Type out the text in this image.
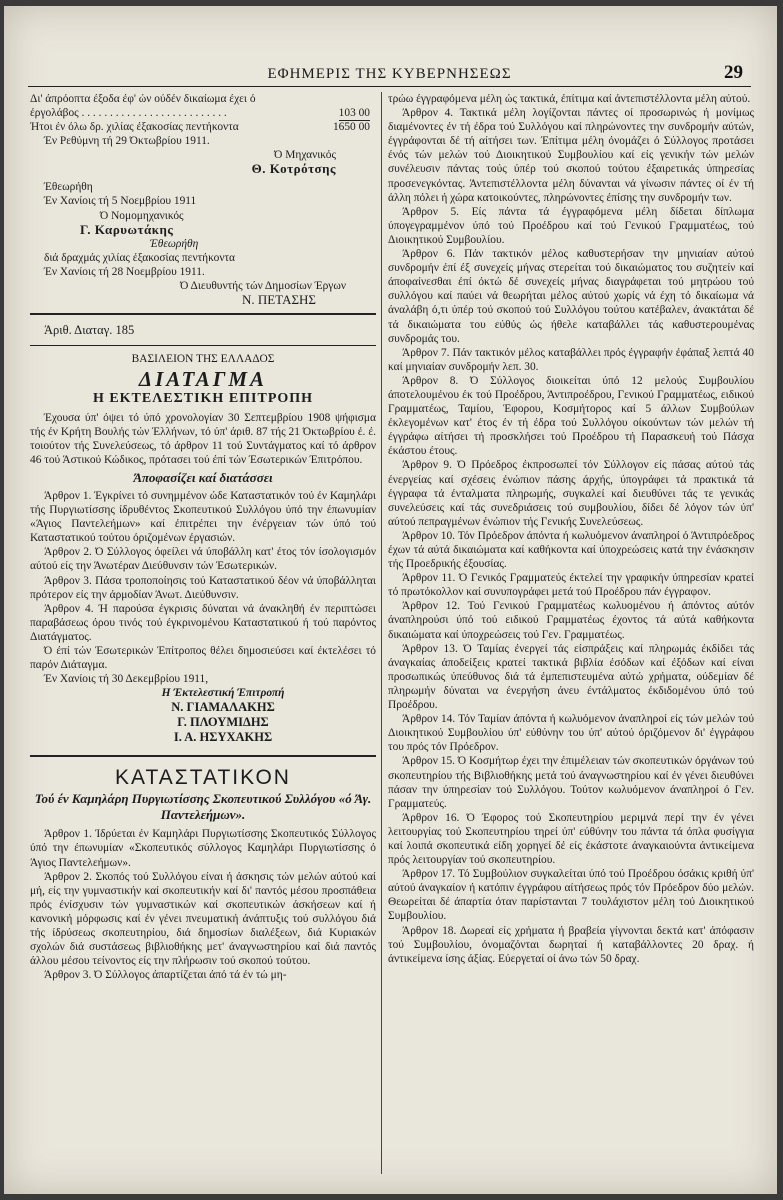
ΕΦΗΜΕΡΙΣ ΤΗΣ ΚΥΒΕΡΝΗΣΕΩΣ	29

Δι' άπρόοπτα έξοδα έφ' ών ούδέν δικαίωμα έχει ό

έργολάβος . . . . . . . . . . . . . . . . . . . . . . . . . .	103 00
Ήτοι έν όλω δρ. χιλίας έξακοσίας πεντήκοντα	1650 00

Έν Ρεθύμνη τή 29 Όκτωβρίου 1911.

Ό Μηχανικός

Θ. Κοτρότσης

Έθεωρήθη

Έν Χανίοις τή 5 Νοεμβρίου 1911

Ό Νομομηχανικός

Γ. Καρυωτάκης

Έθεωρήθη

διά δραχμάς χιλίας έξακοσίας πεντήκοντα

Έν Χανίοις τή 28 Νοεμβρίου 1911.

Ό Διευθυντής τών Δημοσίων Έργων

Ν. ΠΕΤΑΣΗΣ

Άριθ. Διαταγ. 185

ΒΑΣΙΛΕΙΟΝ ΤΗΣ ΕΛΛΑΔΟΣ

ΔΙΑΤΑΓΜΑ

Η ΕΚΤΕΛΕΣΤΙΚΗ ΕΠΙΤΡΟΠΗ

Έχουσα ύπ' όψει τό ύπό χρονολογίαν 30 Σεπτεμβρίου 1908 ψήφισμα τής έν Κρήτη Βουλής τών Έλλήνων, τό ύπ' άριθ. 87 τής 21 Όκτωβρίου έ. έ. τοιούτον τής Συνελεύσεως, τό άρθρον 11 τού Συντάγματος καί τό άρθρον 46 τού Άστικού Κώδικος, πρότασει τού έπί τών Έσωτερικών Έπιτρόπου.

Άποφασίζει καί διατάσσει

Άρθρον 1. Έγκρίνει τό συνημμένον ώδε Καταστατικόν τού έν Καμηλάρι τής Πυργιωτίσσης ίδρυθέντος Σκοπευτικού Συλλόγου ύπό την έπωνυμίαν «Άγιος Παντελεήμων» καί έπιτρέπει την ένέργειαν τών ύπό τού Καταστατικού τούτου όριζομένων έργασιών.

Άρθρον 2. Ό Σύλλογος όφείλει νά ύποβάλλη κατ' έτος τόν ίσολογισμόν αύτού είς την Άνωτέραν Διεύθυνσιν τών Έσωτερικών.

Άρθρον 3. Πάσα τροποποίησις τού Καταστατικού δέον νά ύποβάλληται πρότερον είς την άρμοδίαν Άνωτ. Διεύθυνσιν.

Άρθρον 4. Ή παρούσα έγκρισις δύναται νά άνακληθή έν περιπτώσει παραβάσεως όρου τινός τού έγκρινομένου Καταστατικού ή τού παρόντος Διατάγματος.

Ό έπί τών Έσωτερικών Έπίτροπος θέλει δημοσιεύσει καί έκτελέσει τό παρόν Διάταγμα.

Έν Χανίοις τή 30 Δεκεμβρίου 1911,

Η Έκτελεστική Έπιτροπή

Ν. ΓΙΑΜΑΛΑΚΗΣ

Γ. ΠΛΟΥΜΙΔΗΣ

Ι. Α. ΗΣΥΧΑΚΗΣ

ΚΑΤΑΣΤΑΤΙΚΟΝ

Τού έν Καμηλάρη Πυργιωτίσσης Σκοπευτικού Συλλόγου «ό Άγ. Παντελεήμων».

Άρθρον 1. Ίδρύεται έν Καμηλάρι Πυργιωτίσσης Σκοπευτικός Σύλλογος ύπό την έπωνυμίαν «Σκοπευτικός σύλλογος Καμηλάρι Πυργιωτίσσης ό Άγιος Παντελεήμων».

Άρθρον 2. Σκοπός τού Συλλόγου είναι ή άσκησις τών μελών αύτού καί μή, είς την γυμναστικήν καί σκοπευτικήν καί δι' παντός μέσου προσπάθεια πρός ένίσχυσιν τών γυμναστικών καί σκοπευτικών άσκήσεων καί ή κανονική μόρφωσις καί έν γένει πνευματική άνάπτυξις τού συλλόγου διά τής ίδρύσεως σκοπευτηρίου, διά δημοσίων διαλέξεων, διά Κυριακών σχολών διά συστάσεως βιβλιοθήκης μετ' άναγνωστηρίου καί διά παντός άλλου μέσου τείνοντος είς την πλήρωσιν τού σκοπού τούτου.

Άρθρον 3. Ό Σύλλογος άπαρτίζεται άπό τά έν τώ μη-

τρώω έγγραφόμενα μέλη ώς τακτικά, έπίτιμα καί άντεπιστέλλοντα μέλη αύτού.

Άρθρον 4. Τακτικά μέλη λογίζονται πάντες οί προσωρινώς ή μονίμως διαμένοντες έν τή έδρα τού Συλλόγου καί πληρώνοντες την συνδρομήν αύτών, έγγράφονται δέ τή αίτήσει των. Έπίτιμα μέλη όνομάζει ό Σύλλογος προτάσει ένός τών μελών τού Διοικητικού Συμβουλίου καί είς γενικήν τών μελών συνέλευσιν πάντας τούς ύπέρ τού σκοπού τούτου έξαιρετικάς ύπηρεσίας προσενεγκόντας. Άντεπιστέλλοντα μέλη δύνανται νά γίνωσιν πάντες οί έν τή άλλη πόλει ή χώρα κατοικούντες, πληρώνοντες έπίσης την συνδρομήν των.

Άρθρον 5. Είς πάντα τά έγγραφόμενα μέλη δίδεται δίπλωμα ύπογεγραμμένον ύπό τού Προέδρου καί τού Γενικού Γραμματέως, τού Διοικητικού Συμβουλίου.

Άρθρον 6. Πάν τακτικόν μέλος καθυστερήσαν την μηνιαίαν αύτού συνδρομήν έπί έξ συνεχείς μήνας στερείται τού δικαιώματος του συζητείν καί άποφαίνεσθαι έπί όκτώ δέ συνεχείς μήνας διαγράφεται τού μητρώου τού συλλόγου καί παύει νά θεωρήται μέλος αύτού χωρίς νά έχη τό δικαίωμα νά άναλάβη ό,τι ύπέρ τού σκοπού τού Συλλόγου τούτου κατέβαλεν, άνακτάται δέ τά δικαιώματα του εύθύς ώς ήθελε καταβάλλει τάς καθυστερουμένας συνδρομάς του.

Άρθρον 7. Πάν τακτικόν μέλος καταβάλλει πρός έγγραφήν έφάπαξ λεπτά 40 καί μηνιαίαν συνδρομήν λεπ. 30.

Άρθρον 8. Ό Σύλλογος διοικείται ύπό 12 μελούς Συμβουλίου άποτελουμένου έκ τού Προέδρου, Άντιπροέδρου, Γενικού Γραμματέως, ειδικού Γραμματέως, Ταμίου, Έφορου, Κοσμήτορος καί 5 άλλων Συμβούλων έκλεγομένων κατ' έτος έν τή έδρα τού Συλλόγου οίκούντων τών μελών τή έγγράφω αίτήσει τή προσκλήσει τού Προέδρου τή Παρασκευή τού Πάσχα έκάστου έτους.

Άρθρον 9. Ό Πρόεδρος έκπροσωπεί τόν Σύλλογον είς πάσας αύτού τάς ένεργείας καί σχέσεις ένώπιον πάσης άρχής, ύπογράφει τά πρακτικά τά έγγραφα τά ένταλματα πληρωμής, συγκαλεί καί διευθύνει τάς τε γενικάς συνελεύσεις καί τάς συνεδριάσεις τού συμβουλίου, δίδει δέ λόγον τών ύπ' αύτού πεπραγμένων ένώπιον τής Γενικής Συνελεύσεως.

Άρθρον 10. Τόν Πρόεδρον άπόντα ή κωλυόμενον άναπληροί ό Άντιπρόεδρος έχων τά αύτά δικαιώματα καί καθήκοντα καί ύποχρεώσεις κατά την ένάσκησιν τής Προεδρικής έξουσίας.

Άρθρον 11. Ό Γενικός Γραμματεύς έκτελεί την γραφικήν ύπηρεσίαν κρατεί τό πρωτόκολλον καί συνυπογράφει μετά τού Προέδρου πάν έγγραφον.

Άρθρον 12. Τού Γενικού Γραμματέως κωλυομένου ή άπόντος αύτόν άναπληρούσι ύπό τού ειδικού Γραμματέως έχοντος τά αύτά καθήκοντα δικαιώματα καί ύποχρεώσεις τού Γεν. Γραμματέως.

Άρθρον 13. Ό Ταμίας ένεργεί τάς είσπράξεις καί πληρωμάς έκδίδει τάς άναγκαίας άποδείξεις κρατεί τακτικά βιβλία έσόδων καί έξόδων καί είναι προσωπικώς ύπεύθυνος διά τά έμπεπιστευμένα αύτώ χρήματα, ούδεμίαν δέ πληρωμήν δύναται να ένεργήση άνευ έντάλματος έκδιδομένου ύπό τού Προέδρου.

Άρθρον 14. Τόν Ταμίαν άπόντα ή κωλυόμενον άναπληροί είς τών μελών τού Διοικητικού Συμβουλίου ύπ' εύθύνην του ύπ' αύτού όριζόμενον δι' έγγράφου του πρός τόν Πρόεδρον.

Άρθρον 15. Ό Κοσμήτωρ έχει την έπιμέλειαν τών σκοπευτικών όργάνων τού σκοπευτηρίου τής Βιβλιοθήκης μετά τού άναγνωστηρίου καί έν γένει διευθύνει πάσαν την ύπηρεσίαν τού Συλλόγου. Τούτον κωλυόμενον άναπληροί ό Γεν. Γραμματεύς.

Άρθρον 16. Ό Έφορος τού Σκοπευτηρίου μεριμνά περί την έν γένει λειτουργίας τού Σκοπευτηρίου τηρεί ύπ' εύθύνην του πάντα τά όπλα φυσίγγια καί λοιπά σκοπευτικά είδη χορηγεί δέ είς έκάστοτε άναγκαιούντα άντικείμενα πρός λειτουργίαν τού σκοπευτηρίου.

Άρθρον 17. Τό Συμβούλιον συγκαλείται ύπό τού Προέδρου όσάκις κριθή ύπ' αύτού άναγκαίον ή κατόπιν έγγράφου αίτήσεως πρός τόν Πρόεδρον δύο μελών. Θεωρείται δέ άπαρτία όταν παρίστανται 7 τουλάχιστον μέλη τού Διοικητικού Συμβουλίου.

Άρθρον 18. Δωρεαί είς χρήματα ή βραβεία γίγνονται δεκτά κατ' άπόφασιν τού Συμβουλίου, όνομαζόνται δωρηταί ή καταβάλλοντες 20 δραχ. ή άντικείμενα ίσης άξίας. Εύεργεταί οί άνω τών 50 δραχ.
